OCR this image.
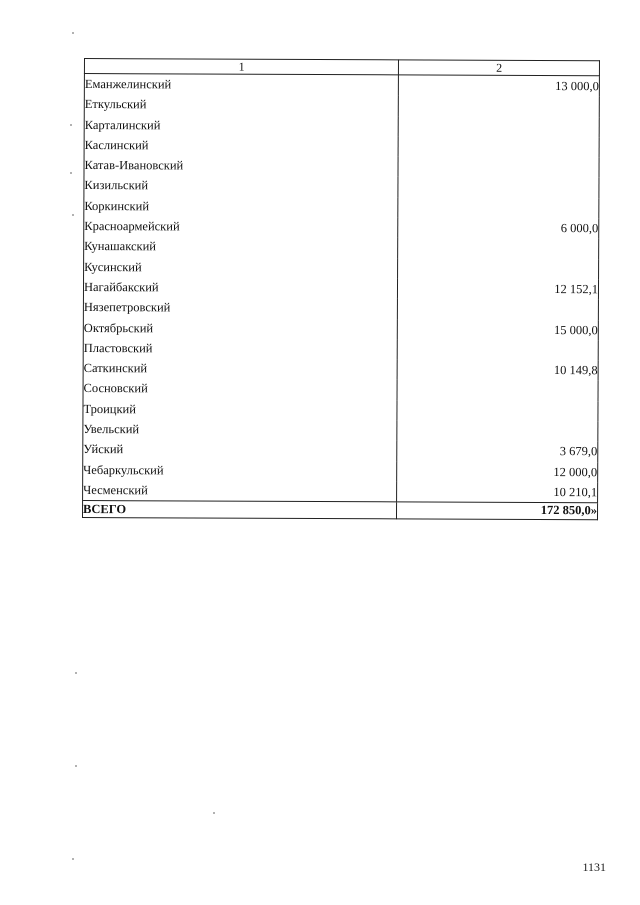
1	2
Еманжелинский	13 000,0
Еткульский	
Карталинский	
Каслинский	
Катав-Ивановский	
Кизильский	
Коркинский	
Красноармейский	6 000,0
Кунашакский	
Кусинский	
Нагайбакский	12 152,1
Нязепетровский	
Октябрьский	15 000,0
Пластовский	
Саткинский	10 149,8
Сосновский	
Троицкий	
Увельский	
Уйский	3 679,0
Чебаркульский	12 000,0
Чесменский	10 210,1
ВСЕГО	172 850,0»
1131
